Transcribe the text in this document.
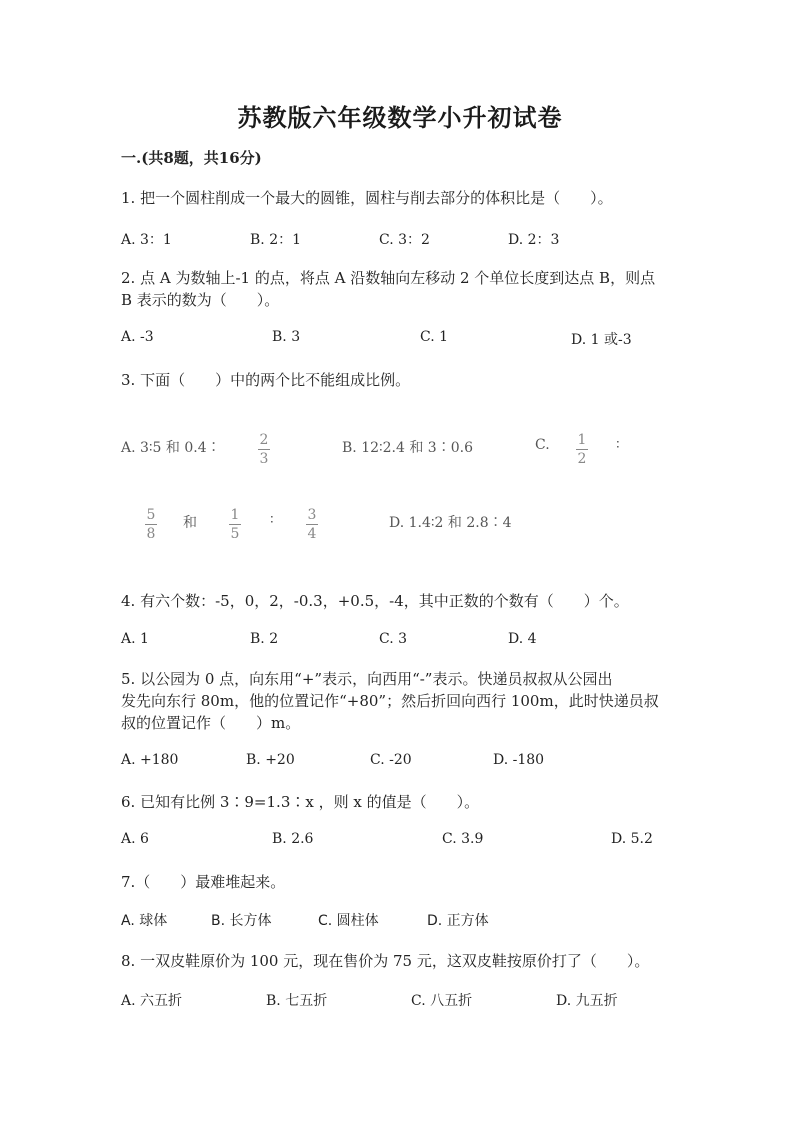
苏教版六年级数学小升初试卷
一.(共8题，共16分)
1. 把一个圆柱削成一个最大的圆锥，圆柱与削去部分的体积比是（　　）。
A. 3：1	B. 2：1	C. 3：2	D. 2：3
2. 点 A 为数轴上-1 的点，将点 A 沿数轴向左移动 2 个单位长度到达点 B，则点
B 表示的数为（　　）。
A. -3	B. 3	C. 1	D. 1 或-3
3. 下面（　　）中的两个比不能组成比例。
A. 3∶5 和 0.4∶	2
3
B. 12∶2.4 和 3∶0.6	C. 1
2
∶
5
8
和 1
5
∶ 3
4
D. 1.4∶2 和 2.8∶4
4. 有六个数：-5，0，2，-0.3，+0.5，-4，其中正数的个数有（　　）个。
A. 1	B. 2	C. 3	D. 4
5. 以公园为 0 点，向东用“+”表示，向西用“-”表示。快递员叔叔从公园出
发先向东行 80m，他的位置记作“+80”；然后折回向西行 100m，此时快递员叔
叔的位置记作（　　）m。
A. +180	B. +20	C. -20	D. -180
6. 已知有比例 3∶9=1.3∶x ，则 x 的值是（　　）。
A. 6	B. 2.6	C. 3.9	D. 5.2
7.（　　）最难堆起来。
A. 球体	B. 长方体	C. 圆柱体	D. 正方体
8. 一双皮鞋原价为 100 元，现在售价为 75 元，这双皮鞋按原价打了（　　）。
A. 六五折	B. 七五折	C. 八五折	D. 九五折
